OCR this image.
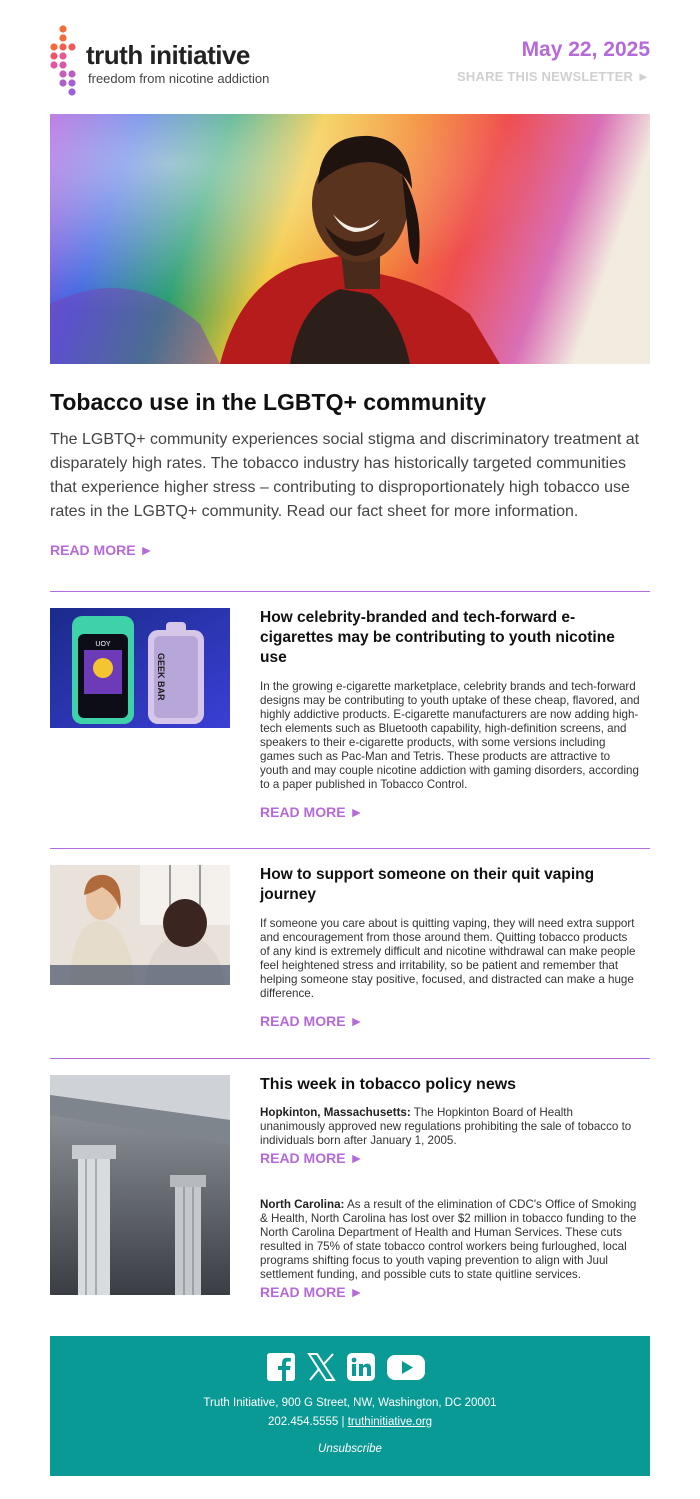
truth initiative
freedom from nicotine addiction
May 22, 2025
SHARE THIS NEWSLETTER ►
Tobacco use in the LGBTQ+ community
The LGBTQ+ community experiences social stigma and discriminatory treatment at disparately high rates. The tobacco industry has historically targeted communities that experience higher stress – contributing to disproportionately high tobacco use rates in the LGBTQ+ community. Read our fact sheet for more information.
READ MORE ►
UOY
GEEK BAR
How celebrity-branded and tech-forward e-cigarettes may be contributing to youth nicotine use
In the growing e-cigarette marketplace, celebrity brands and tech-forward designs may be contributing to youth uptake of these cheap, flavored, and highly addictive products. E-cigarette manufacturers are now adding high-tech elements such as Bluetooth capability, high-definition screens, and speakers to their e-cigarette products, with some versions including games such as Pac-Man and Tetris. These products are attractive to youth and may couple nicotine addiction with gaming disorders, according to a paper published in Tobacco Control.
READ MORE ►
How to support someone on their quit vaping journey
If someone you care about is quitting vaping, they will need extra support and encouragement from those around them. Quitting tobacco products of any kind is extremely difficult and nicotine withdrawal can make people feel heightened stress and irritability, so be patient and remember that helping someone stay positive, focused, and distracted can make a huge difference.
READ MORE ►
This week in tobacco policy news
Hopkinton, Massachusetts: The Hopkinton Board of Health unanimously approved new regulations prohibiting the sale of tobacco to individuals born after January 1, 2005.
READ MORE ►
North Carolina: As a result of the elimination of CDC's Office of Smoking & Health, North Carolina has lost over $2 million in tobacco funding to the North Carolina Department of Health and Human Services. These cuts resulted in 75% of state tobacco control workers being furloughed, local programs shifting focus to youth vaping prevention to align with Juul settlement funding, and possible cuts to state quitline services.
READ MORE ►
Truth Initiative, 900 G Street, NW, Washington, DC 20001
202.454.5555 | truthinitiative.org
Unsubscribe
